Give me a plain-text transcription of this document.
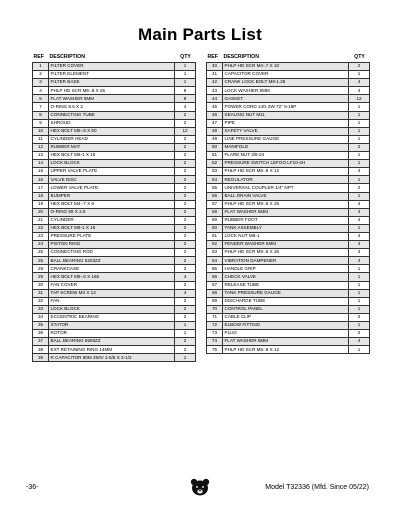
Main Parts List
REF	DESCRIPTION	QTY
1	FILTER COVER	1
2	FILTER ELEMENT	1
3	FILTER BASE	1
4	PHLP HD SCR M5-.8 X 25	8
5	FLAT WASHER 5MM	8
7	O-RING 8.5 X 2	4
8	CONNECTING TUBE	2
9	SHROUD	2
10	HEX BOLT M5-.8 X 50	12
11	CYLINDER HEAD	2
12	RUBBER MAT	2
13	HEX BOLT M6-1 X 16	2
14	LOCK BLOCK	2
15	UPPER VALVE PLATE	2
16	VALVE DISC	2
17	LOWER VALVE PLATE	2
18	BUMPER	2
19	HEX BOLT M4-.7 X 8	2
20	O-RING 68 X 2.5	2
21	CYLINDER	2
22	HEX BOLT M6-1 X 16	2
23	PRESSURE PLATE	2
24	PISTON RING	2
25	CONNECTING ROD	2
26	BALL BEARING 6203ZZ	2
28	CRANKCASE	2
29	HEX BOLT M5-.8 X 165	4
30	FAN COVER	2
31	TAP SCREW M3 X 12	4
32	FAN	2
33	LOCK BLOCK	2
34	ECCENTRIC BEARING	2
35	STATOR	1
36	ROTOR	1
37	BALL BEARING 6908ZZ	2
38	EXT RETAINING RING 14MM	2
39	R CAPACITOR 80M 250V 1-5/8 X 3-1/2	1
REF	DESCRIPTION	QTY
40	PHLP HD SCR M4-.7 X 10	2
41	CAPACITOR COVER	1
42	CRANK LOCK BOLT M8-1.25	4
43	LOCK WASHER 8MM	4
44	GASKET	12
45	POWER CORD 14G 3W 72" 5-15P	1
46	SEALING NUT M11	1
47	PIPE	1
48	SAFETY VALVE	1
49	LINE PRESSURE GAUGE	1
50	MANIFOLD	2
51	FLARE NUT 3/8-24	1
52	PRESSURE SWITCH LEFOO LF10-4H	1
53	PHLP HD SCR M5-.8 X 12	4
54	REGULATOR	1
55	UNIVERSAL COUPLER 1/4" NPT	2
56	BALL DRAIN VALVE	1
57	PHLP HD SCR M5-.8 X 25	4
58	FLAT WASHER 5MM	4
59	RUBBER FOOT	4
60	TANK ASSEMBLY	1
61	LOCK NUT M6-1	4
62	FENDER WASHER 6MM	4
63	PHLP HD SCR M5-.8 X 35	3
64	VIBRATION DAMPENER	4
65	HANDLE GRIP	1
66	CHECK VALVE	1
67	RELEASE TUBE	1
68	TANK PRESSURE GAUGE	1
69	DISCHARGE TUBE	1
70	CONTROL PANEL	1
71	CABLE CLIP	2
72	ELBOW FITTING	1
73	PLUG	2
74	FLAT WASHER 5MM	4
75	PHLP HD SCR M5-.8 X 12	1
-36-	Model T32336 (Mfd. Since 05/22)
